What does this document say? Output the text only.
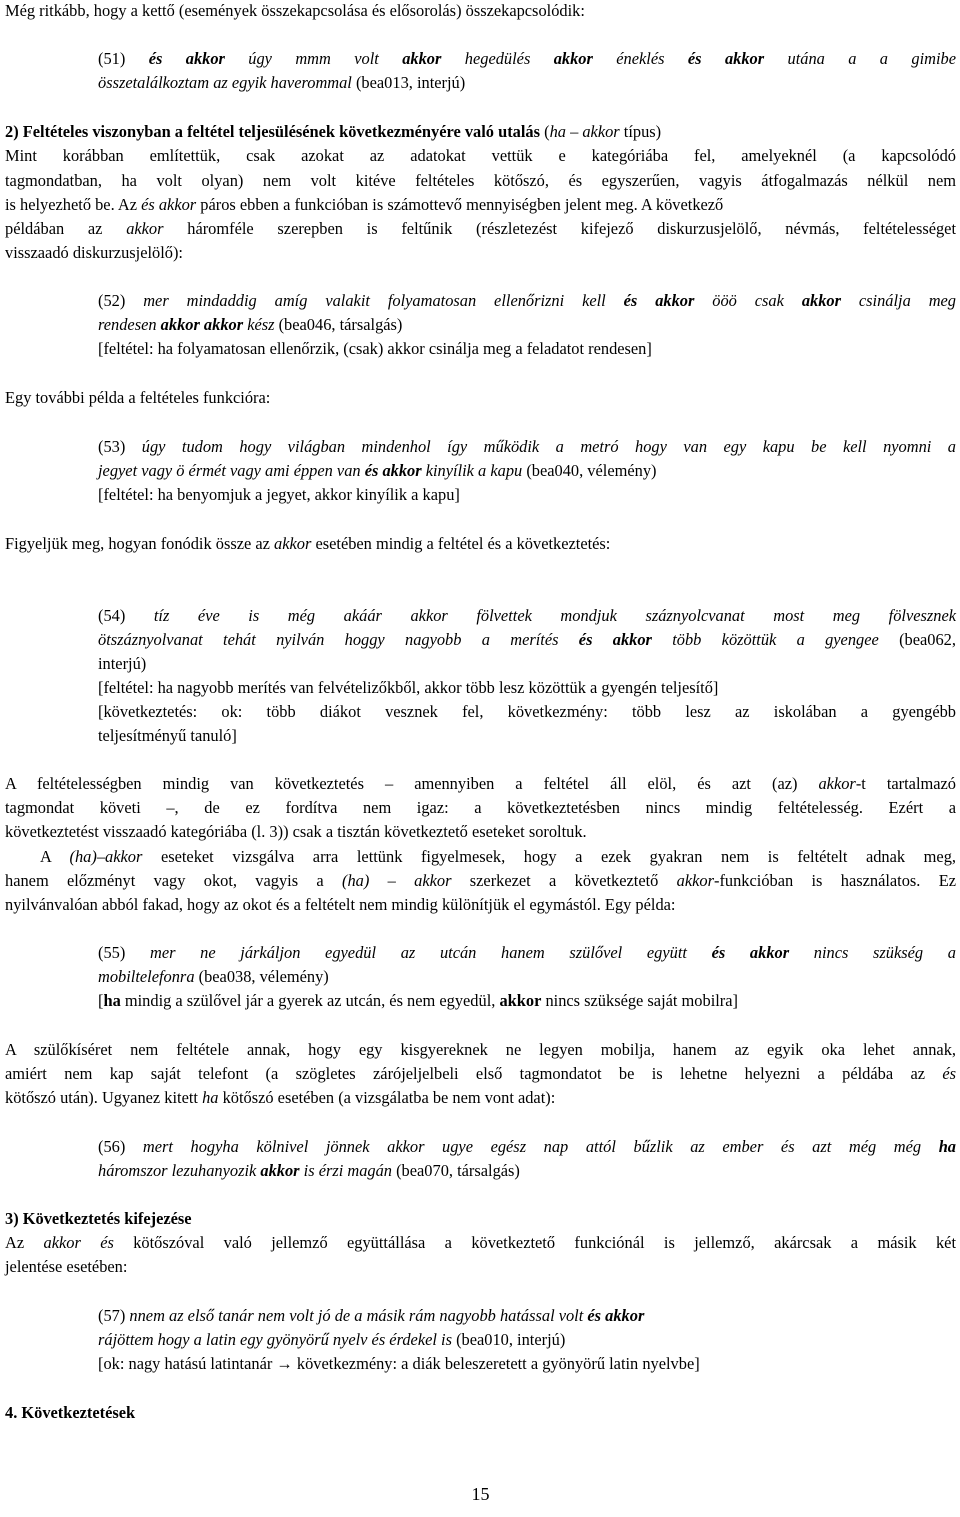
Még ritkább, hogy a kettő (események összekapcsolása és elősorolás) összekapcsolódik:
(51) és akkor úgy mmm volt akkor hegedülés akkor éneklés és akkor utána a a gimibe
összetalálkoztam az egyik haverommal (bea013, interjú)
2) Feltételes viszonyban a feltétel teljesülésének következményére való utalás (ha – akkor típus)
Mint korábban említettük, csak azokat az adatokat vettük e kategóriába fel, amelyeknél (a kapcsolódó
tagmondatban, ha volt olyan) nem volt kitéve feltételes kötőszó, és egyszerűen, vagyis átfogalmazás nélkül nem
is helyezhető be. Az és akkor páros ebben a funkcióban is számottevő mennyiségben jelent meg. A következő
példában az akkor háromféle szerepben is feltűnik (részletezést kifejező diskurzusjelölő, névmás, feltételességet
visszaadó diskurzusjelölő):
(52) mer mindaddig amíg valakit folyamatosan ellenőrizni kell és akkor ööö csak akkor csinálja meg
rendesen akkor akkor kész (bea046, társalgás)
[feltétel: ha folyamatosan ellenőrzik, (csak) akkor csinálja meg a feladatot rendesen]
Egy további példa a feltételes funkcióra:
(53) úgy tudom hogy világban mindenhol így működik a metró hogy van egy kapu be kell nyomni a
jegyet vagy ö érmét vagy ami éppen van és akkor kinyílik a kapu (bea040, vélemény)
[feltétel: ha benyomjuk a jegyet, akkor kinyílik a kapu]
Figyeljük meg, hogyan fonódik össze az akkor esetében mindig a feltétel és a következtetés:
(54) tíz éve is még akáár akkor fölvettek mondjuk száznyolcvanat most meg fölvesznek
ötszáznyolvanat tehát nyilván hoggy nagyobb a merítés és akkor több közöttük a gyengee (bea062,
interjú)
[feltétel: ha nagyobb merítés van felvételizőkből, akkor több lesz közöttük a gyengén teljesítő]
[következtetés: ok: több diákot vesznek fel, következmény: több lesz az iskolában a gyengébb
teljesítményű tanuló]
A feltételességben mindig van következtetés – amennyiben a feltétel áll elöl, és azt (az) akkor-t tartalmazó
tagmondat követi –, de ez fordítva nem igaz: a következtetésben nincs mindig feltételesség. Ezért a
következtetést visszaadó kategóriába (l. 3)) csak a tisztán következtető eseteket soroltuk.
A (ha)–akkor eseteket vizsgálva arra lettünk figyelmesek, hogy a ezek gyakran nem is feltételt adnak meg,
hanem előzményt vagy okot, vagyis a (ha) – akkor szerkezet a következtető akkor-funkcióban is használatos. Ez
nyilvánvalóan abból fakad, hogy az okot és a feltételt nem mindig különítjük el egymástól. Egy példa:
(55) mer ne járkáljon egyedül az utcán hanem szülővel együtt és akkor nincs szükség a
mobiltelefonra (bea038, vélemény)
[ha mindig a szülővel jár a gyerek az utcán, és nem egyedül, akkor nincs szüksége saját mobilra]
A szülőkíséret nem feltétele annak, hogy egy kisgyereknek ne legyen mobilja, hanem az egyik oka lehet annak,
amiért nem kap saját telefont (a szögletes zárójeljelbeli első tagmondatot be is lehetne helyezni a példába az és
kötőszó után). Ugyanez kitett ha kötőszó esetében (a vizsgálatba be nem vont adat):
(56) mert hogyha kölnivel jönnek akkor ugye egész nap attól bűzlik az ember és azt még még ha
háromszor lezuhanyozik akkor is érzi magán (bea070, társalgás)
3) Következtetés kifejezése
Az akkor és kötőszóval való jellemző együttállása a következtető funkciónál is jellemző, akárcsak a másik két
jelentése esetében:
(57) nnem az első tanár nem volt jó de a másik rám nagyobb hatással volt és akkor
rájöttem hogy a latin egy gyönyörű nyelv és érdekel is (bea010, interjú)
[ok: nagy hatású latintanár → következmény: a diák beleszeretett a gyönyörű latin nyelvbe]
4. Következtetések
15
